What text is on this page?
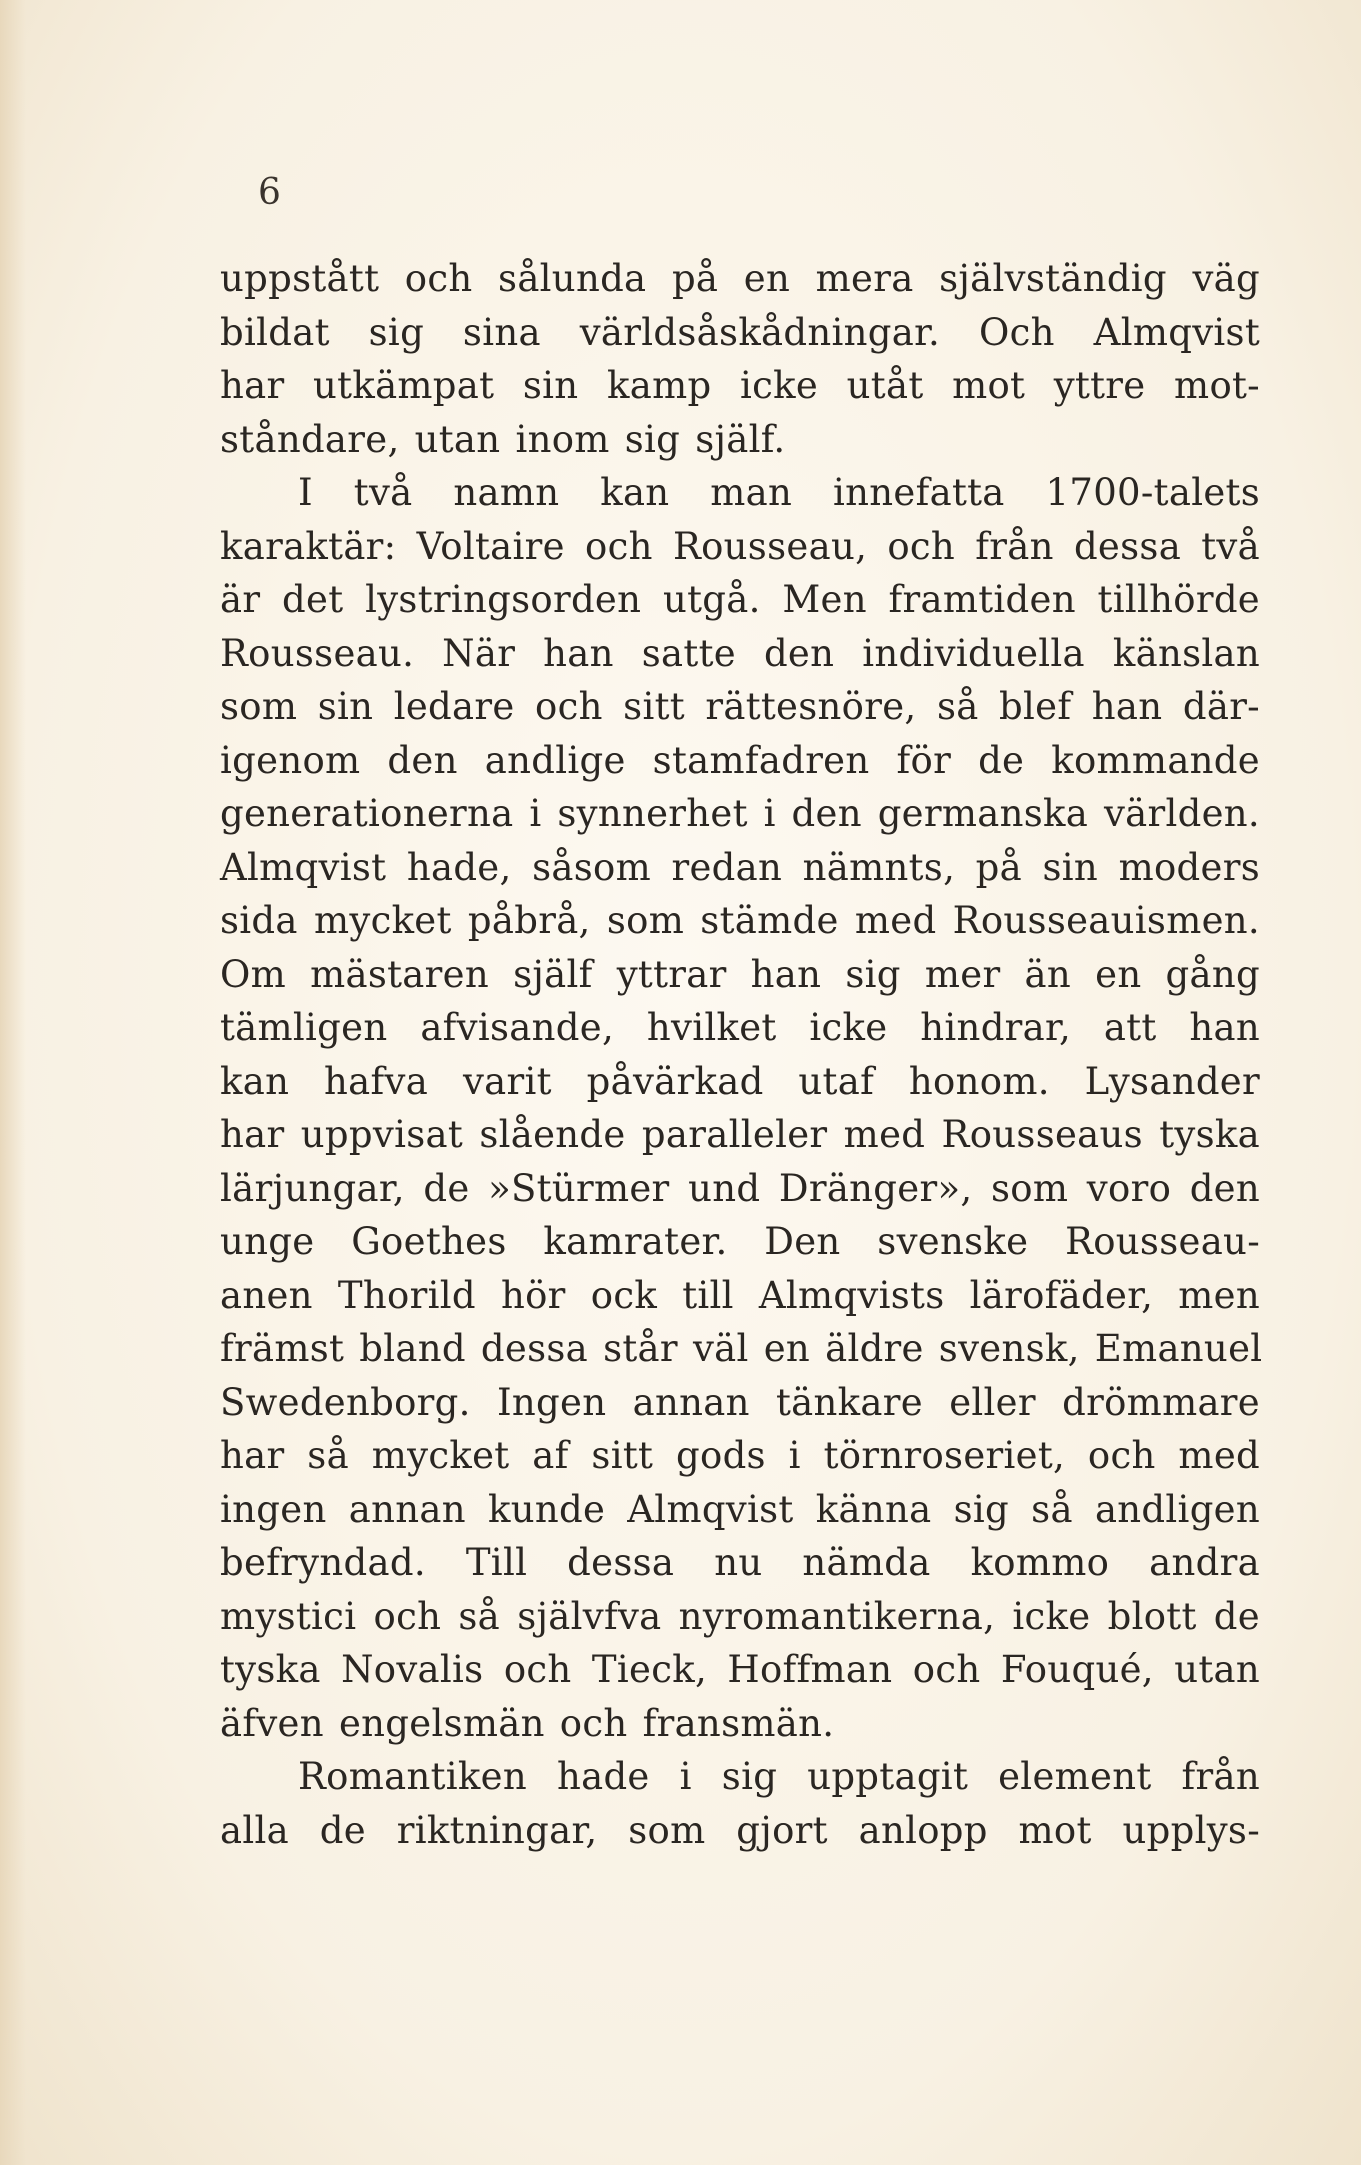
6
uppstått och sålunda på en mera självständig väg
bildat sig sina världsåskådningar. Och Almqvist
har utkämpat sin kamp icke utåt mot yttre mot-
ståndare, utan inom sig själf.
I två namn kan man innefatta 1700-talets
karaktär: Voltaire och Rousseau, och från dessa två
är det lystringsorden utgå. Men framtiden tillhörde
Rousseau. När han satte den individuella känslan
som sin ledare och sitt rättesnöre, så blef han där-
igenom den andlige stamfadren för de kommande
generationerna i synnerhet i den germanska världen.
Almqvist hade, såsom redan nämnts, på sin moders
sida mycket påbrå, som stämde med Rousseauismen.
Om mästaren själf yttrar han sig mer än en gång
tämligen afvisande, hvilket icke hindrar, att han
kan hafva varit påvärkad utaf honom. Lysander
har uppvisat slående paralleler med Rousseaus tyska
lärjungar, de »Stürmer und Dränger», som voro den
unge Goethes kamrater. Den svenske Rousseau-
anen Thorild hör ock till Almqvists lärofäder, men
främst bland dessa står väl en äldre svensk, Emanuel
Swedenborg. Ingen annan tänkare eller drömmare
har så mycket af sitt gods i törnroseriet, och med
ingen annan kunde Almqvist känna sig så andligen
befryndad. Till dessa nu nämda kommo andra
mystici och så självfva nyromantikerna, icke blott de
tyska Novalis och Tieck, Hoffman och Fouqué, utan
äfven engelsmän och fransmän.
Romantiken hade i sig upptagit element från
alla de riktningar, som gjort anlopp mot upplys-
